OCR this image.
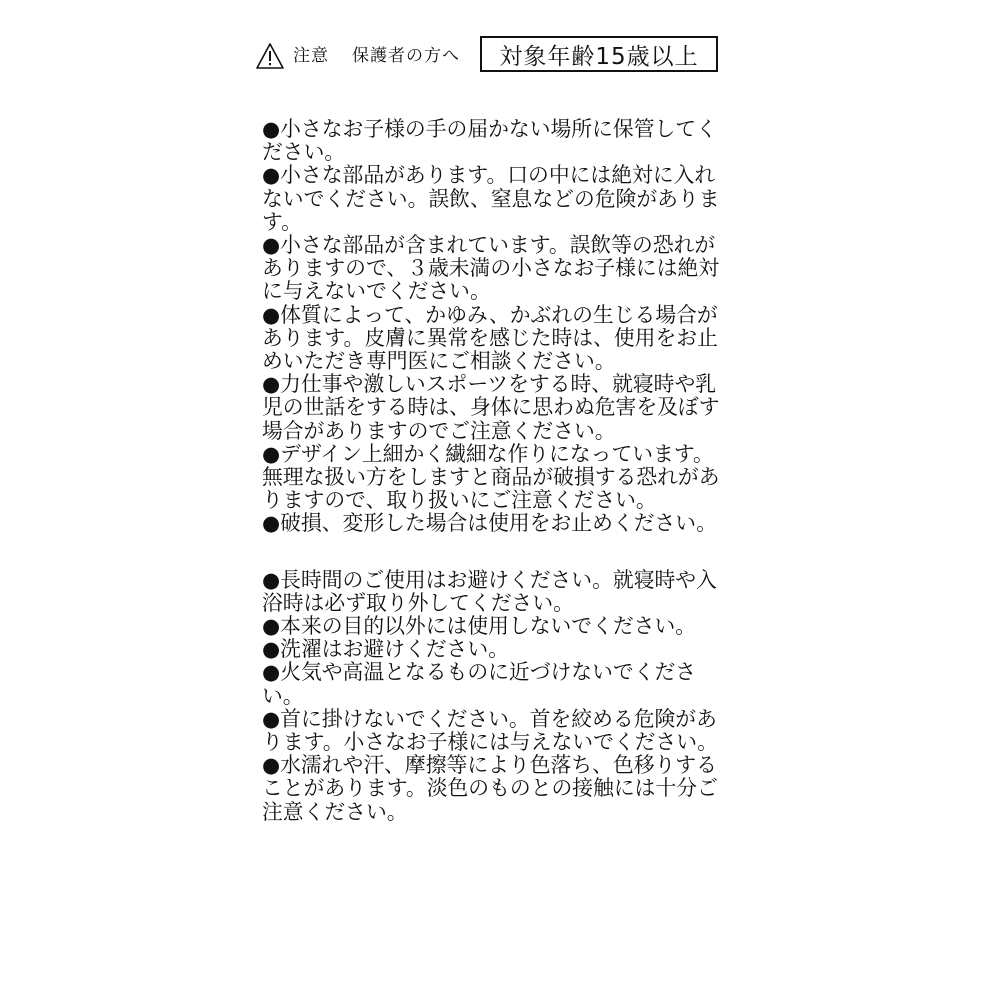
注意 保護者の方へ 対象年齢15歳以上

●小さなお子様の手の届かない場所に保管してください。

●小さな部品があります。口の中には絶対に入れないでください。誤飲、窒息などの危険があります。

●小さな部品が含まれています。誤飲等の恐れがありますので、３歳未満の小さなお子様には絶対に与えないでください。

●体質によって、かゆみ、かぶれの生じる場合があります。皮膚に異常を感じた時は、使用をお止めいただき専門医にご相談ください。

●力仕事や激しいスポーツをする時、就寝時や乳児の世話をする時は、身体に思わぬ危害を及ぼす場合がありますのでご注意ください。

●デザイン上細かく繊細な作りになっています。無理な扱い方をしますと商品が破損する恐れがありますので、取り扱いにご注意ください。

●破損、変形した場合は使用をお止めください。

●長時間のご使用はお避けください。就寝時や入浴時は必ず取り外してください。

●本来の目的以外には使用しないでください。

●洗濯はお避けください。

●火気や高温となるものに近づけないでください。

●首に掛けないでください。首を絞める危険があります。小さなお子様には与えないでください。

●水濡れや汗、摩擦等により色落ち、色移りすることがあります。淡色のものとの接触には十分ご注意ください。
